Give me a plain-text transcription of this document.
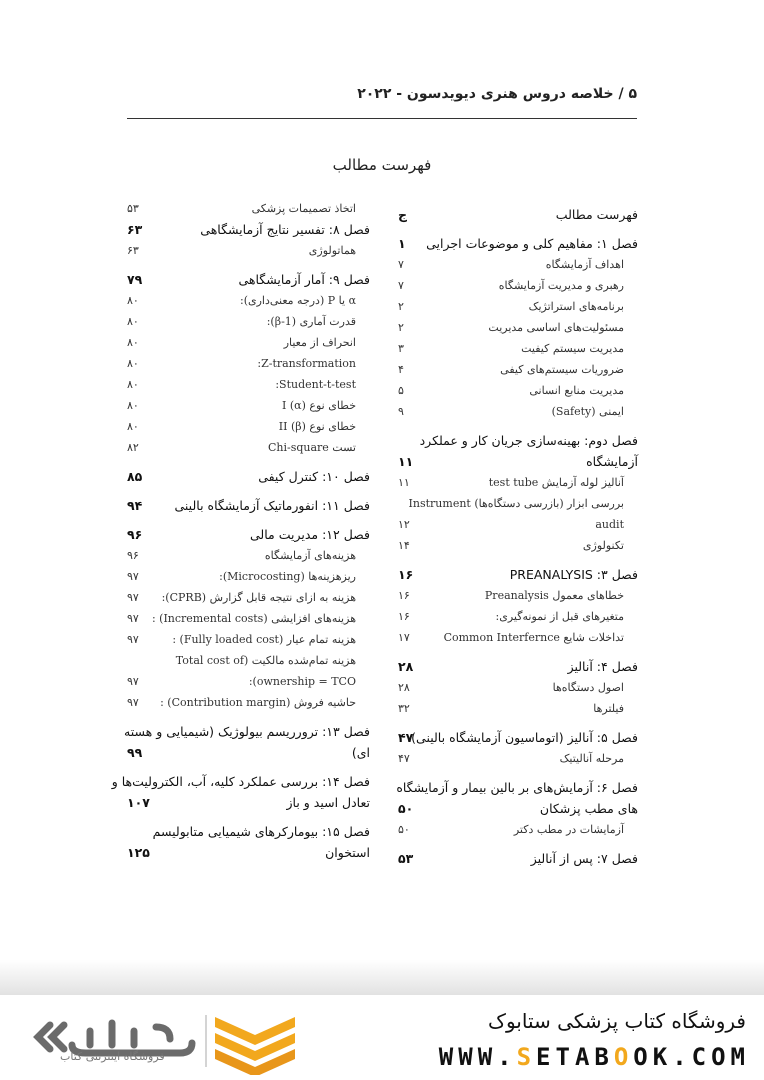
۵ / خلاصه دروس هنری دیویدسون - ۲۰۲۲
فهرست مطالب
فهرست مطالب
ج
فصل ۱: مفاهیم کلی و موضوعات اجرایی
۱
اهداف آزمایشگاه
۷
رهبری و مدیریت آزمایشگاه
۷
برنامه‌های استراتژیک
۲
مسئولیت‌های اساسی مدیریت
۲
مدیریت سیستم کیفیت
۳
ضروریات سیستم‌های کیفی
۴
مدیریت منابع انسانی
۵
ایمنی (Safety)
۹
فصل دوم: بهینه‌سازی جریان کار و عملکرد
آزمایشگاه
۱۱
آنالیز لوله آزمایش test tube
۱۱
بررسی ابزار (بازرسی دستگاه‌ها) Instrument
audit
۱۲
تکنولوژی
۱۴
فصل ۳: PREANALYSIS
۱۶
خطاهای معمول Preanalysis
۱۶
متغیرهای قبل از نمونه‌گیری:
۱۶
تداخلات شایع Common Interfernce
۱۷
فصل ۴: آنالیز
۲۸
اصول دستگاه‌ها
۲۸
فیلترها
۳۲
فصل ۵: آنالیز (اتوماسیون آزمایشگاه بالینی)
۴۷
مرحله آنالیتیک
۴۷
فصل ۶: آزمایش‌های بر بالین بیمار و آزمایشگاه
های مطب پزشکان
۵۰
آزمایشات در مطب دکتر
۵۰
فصل ۷: پس از آنالیز
۵۳
اتخاذ تصمیمات پزشکی
۵۳
فصل ۸: تفسیر نتایج آزمایشگاهی
۶۳
هماتولوژی
۶۳
فصل ۹: آمار آزمایشگاهی
۷۹
α یا P (درجه معنی‌داری):
۸۰
قدرت آماری (β-1):
۸۰
انحراف از معیار
۸۰
Z-transformation:
۸۰
Student-t-test:
۸۰
خطای نوع I (α)
۸۰
خطای نوع II (β)
۸۰
تست Chi-square
۸۲
فصل ۱۰: کنترل کیفی
۸۵
فصل ۱۱: انفورماتیک آزمایشگاه بالینی
۹۴
فصل ۱۲: مدیریت مالی
۹۶
هزینه‌های آزمایشگاه
۹۶
ریزهزینه‌ها (Microcosting):
۹۷
هزینه به ازای نتیجه قابل گزارش (CPRB):
۹۷
هزینه‌های افزایشی (Incremental costs) :
۹۷
هزینه تمام عیار (Fully loaded cost) :
۹۷
هزینه تمام‌شده مالکیت (Total cost of
ownership = TCO):
۹۷
حاشیه فروش (Contribution margin) :
۹۷
فصل ۱۳: ترورریسم بیولوژیک (شیمیایی و هسته
ای)
۹۹
فصل ۱۴: بررسی عملکرد کلیه، آب، الکترولیت‌ها و
تعادل اسید و باز
۱۰۷
فصل ۱۵: بیومارکرهای شیمیایی متابولیسم
استخوان
۱۲۵
فروشگاه اینترنتی کتاب
فروشگاه کتاب پزشکی ستابوک
WWW.SETABOOK.COM
